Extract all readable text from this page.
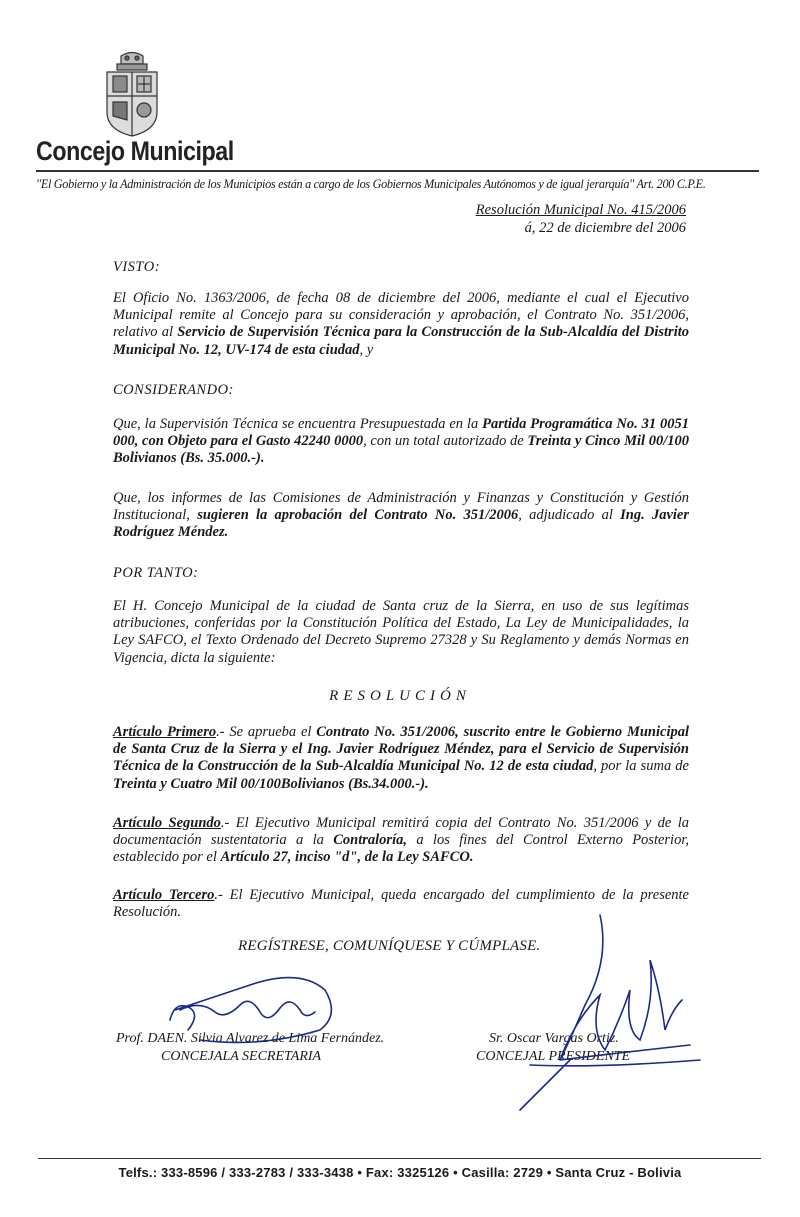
Concejo Municipal
"El Gobierno y la Administración de los Municipios están a cargo de los Gobiernos Municipales Autónomos y de igual jerarquía" Art. 200 C.P.E.
Resolución Municipal No. 415/2006
á, 22 de diciembre del 2006
VISTO:
El Oficio No. 1363/2006, de fecha 08 de diciembre del 2006, mediante el cual el Ejecutivo Municipal remite al Concejo para su consideración y aprobación, el Contrato No. 351/2006, relativo al Servicio de Supervisión Técnica para la Construcción de la Sub-Alcaldía del Distrito Municipal No. 12, UV-174 de esta ciudad, y
CONSIDERANDO:
Que, la Supervisión Técnica se encuentra Presupuestada en la Partida Programática No. 31 0051 000, con Objeto para el Gasto 42240 0000, con un total autorizado de Treinta y Cinco Mil 00/100 Bolivianos (Bs. 35.000.-).
Que, los informes de las Comisiones de Administración y Finanzas y Constitución y Gestión Institucional, sugieren la aprobación del Contrato No. 351/2006, adjudicado al Ing. Javier Rodríguez Méndez.
POR TANTO:
El H. Concejo Municipal de la ciudad de Santa cruz de la Sierra, en uso de sus legítimas atribuciones, conferidas por la Constitución Política del Estado, La Ley de Municipalidades, la Ley SAFCO, el Texto Ordenado del Decreto Supremo 27328 y Su Reglamento y demás Normas en Vigencia, dicta la siguiente:
RESOLUCIÓN
Artículo Primero.- Se aprueba el Contrato No. 351/2006, suscrito entre le Gobierno Municipal de Santa Cruz de la Sierra y el Ing. Javier Rodríguez Méndez, para el Servicio de Supervisión Técnica de la Construcción de la Sub-Alcaldía Municipal No. 12 de esta ciudad, por la suma de Treinta y Cuatro Mil 00/100Bolivianos (Bs.34.000.-).
Artículo Segundo.- El Ejecutivo Municipal remitirá copia del Contrato No. 351/2006 y de la documentación sustentatoria a la Contraloría, a los fines del Control Externo Posterior, establecido por el Artículo 27, inciso "d", de la Ley SAFCO.
Artículo Tercero.- El Ejecutivo Municipal, queda encargado del cumplimiento de la presente Resolución.
REGÍSTRESE, COMUNÍQUESE Y CÚMPLASE.
Prof. DAEN. Silvia Alvarez de Lima Fernández.
CONCEJALA SECRETARIA
Sr. Oscar Vargas Ortiz.
CONCEJAL PRESIDENTE
Telfs.: 333-8596 / 333-2783 / 333-3438 • Fax: 3325126 • Casilla: 2729 • Santa Cruz - Bolivia
